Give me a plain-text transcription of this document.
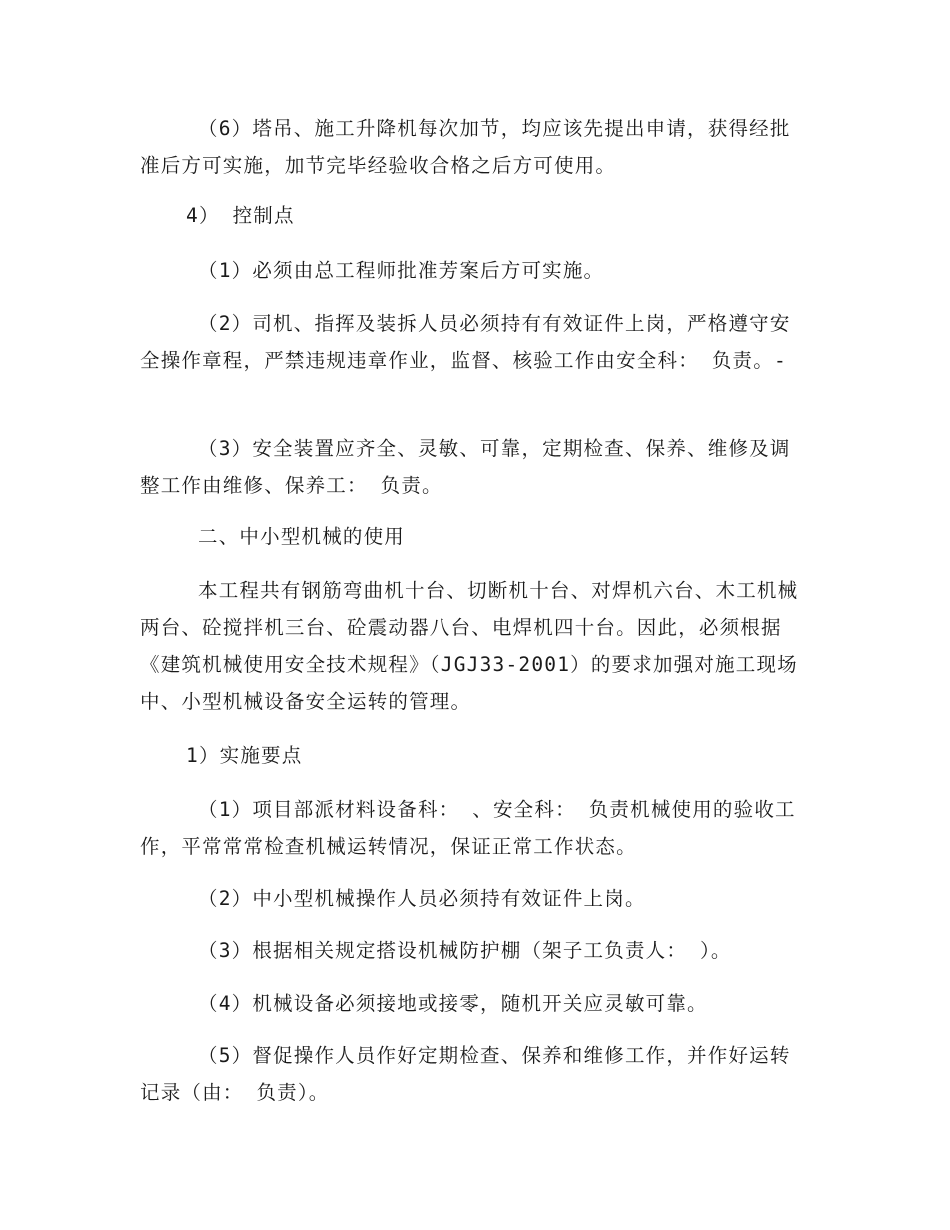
（6）塔吊、施工升降机每次加节，均应该先提出申请，获得经批准后方可实施，加节完毕经验收合格之后方可使用。

4） 控制点

（1）必须由总工程师批准芳案后方可实施。

（2）司机、指挥及装拆人员必须持有有效证件上岗，严格遵守安全操作章程，严禁违规违章作业，监督、核验工作由安全科： 负责。-

（3）安全装置应齐全、灵敏、可靠，定期检查、保养、维修及调整工作由维修、保养工： 负责。

二、中小型机械的使用

本工程共有钢筋弯曲机十台、切断机十台、对焊机六台、木工机械两台、砼搅拌机三台、砼震动器八台、电焊机四十台。因此，必须根据《建筑机械使用安全技术规程》（JGJ33-2001）的要求加强对施工现场中、小型机械设备安全运转的管理。

1）实施要点

（1）项目部派材料设备科： 、安全科： 负责机械使用的验收工作，平常常常检查机械运转情况，保证正常工作状态。

（2）中小型机械操作人员必须持有效证件上岗。

（3）根据相关规定搭设机械防护棚（架子工负责人： ）。

（4）机械设备必须接地或接零，随机开关应灵敏可靠。

（5）督促操作人员作好定期检查、保养和维修工作，并作好运转记录（由： 负责）。
